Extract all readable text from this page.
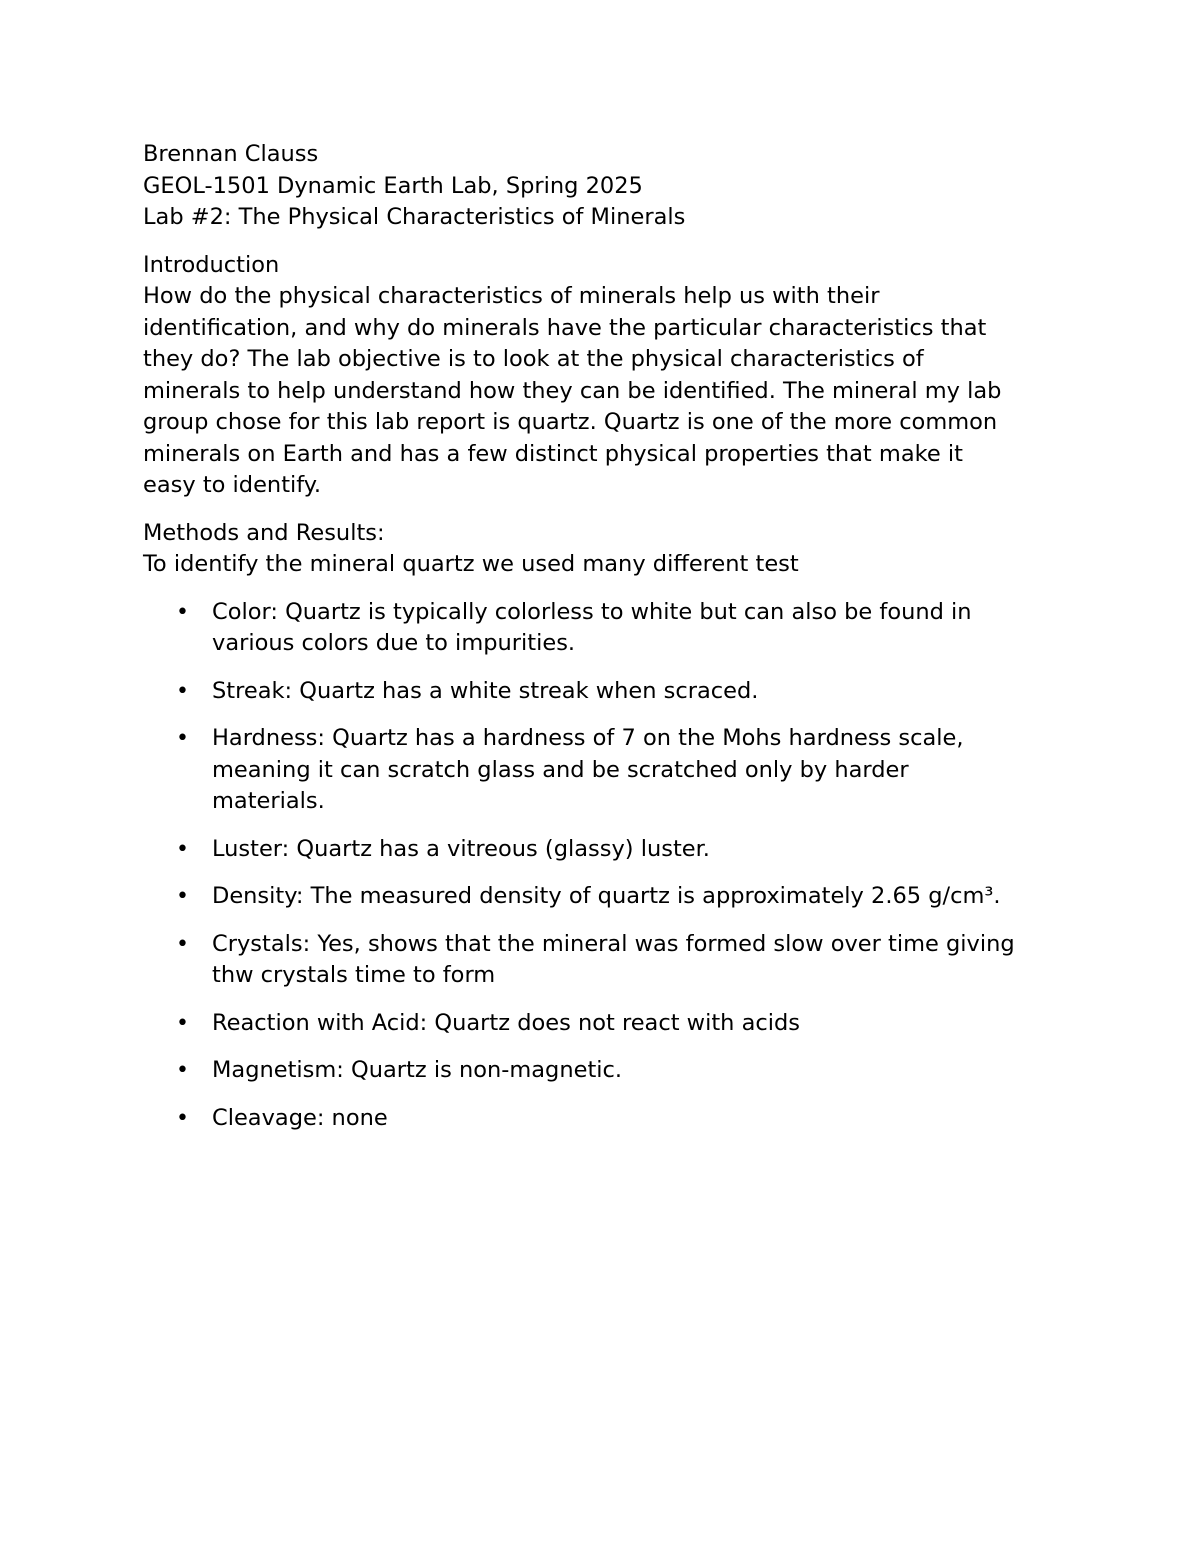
Brennan Clauss
GEOL-1501 Dynamic Earth Lab, Spring 2025
Lab #2: The Physical Characteristics of Minerals
Introduction
How do the physical characteristics of minerals help us with their
identification, and why do minerals have the particular characteristics that
they do? The lab objective is to look at the physical characteristics of
minerals to help understand how they can be identified. The mineral my lab
group chose for this lab report is quartz. Quartz is one of the more common
minerals on Earth and has a few distinct physical properties that make it
easy to identify.
Methods and Results:
To identify the mineral quartz we used many different test
• Color: Quartz is typically colorless to white but can also be found in
various colors due to impurities.
• Streak: Quartz has a white streak when scraced.
• Hardness: Quartz has a hardness of 7 on the Mohs hardness scale,
meaning it can scratch glass and be scratched only by harder
materials.
• Luster: Quartz has a vitreous (glassy) luster.
• Density: The measured density of quartz is approximately 2.65 g/cm³.
• Crystals: Yes, shows that the mineral was formed slow over time giving
thw crystals time to form
• Reaction with Acid: Quartz does not react with acids
• Magnetism: Quartz is non-magnetic.
• Cleavage: none
